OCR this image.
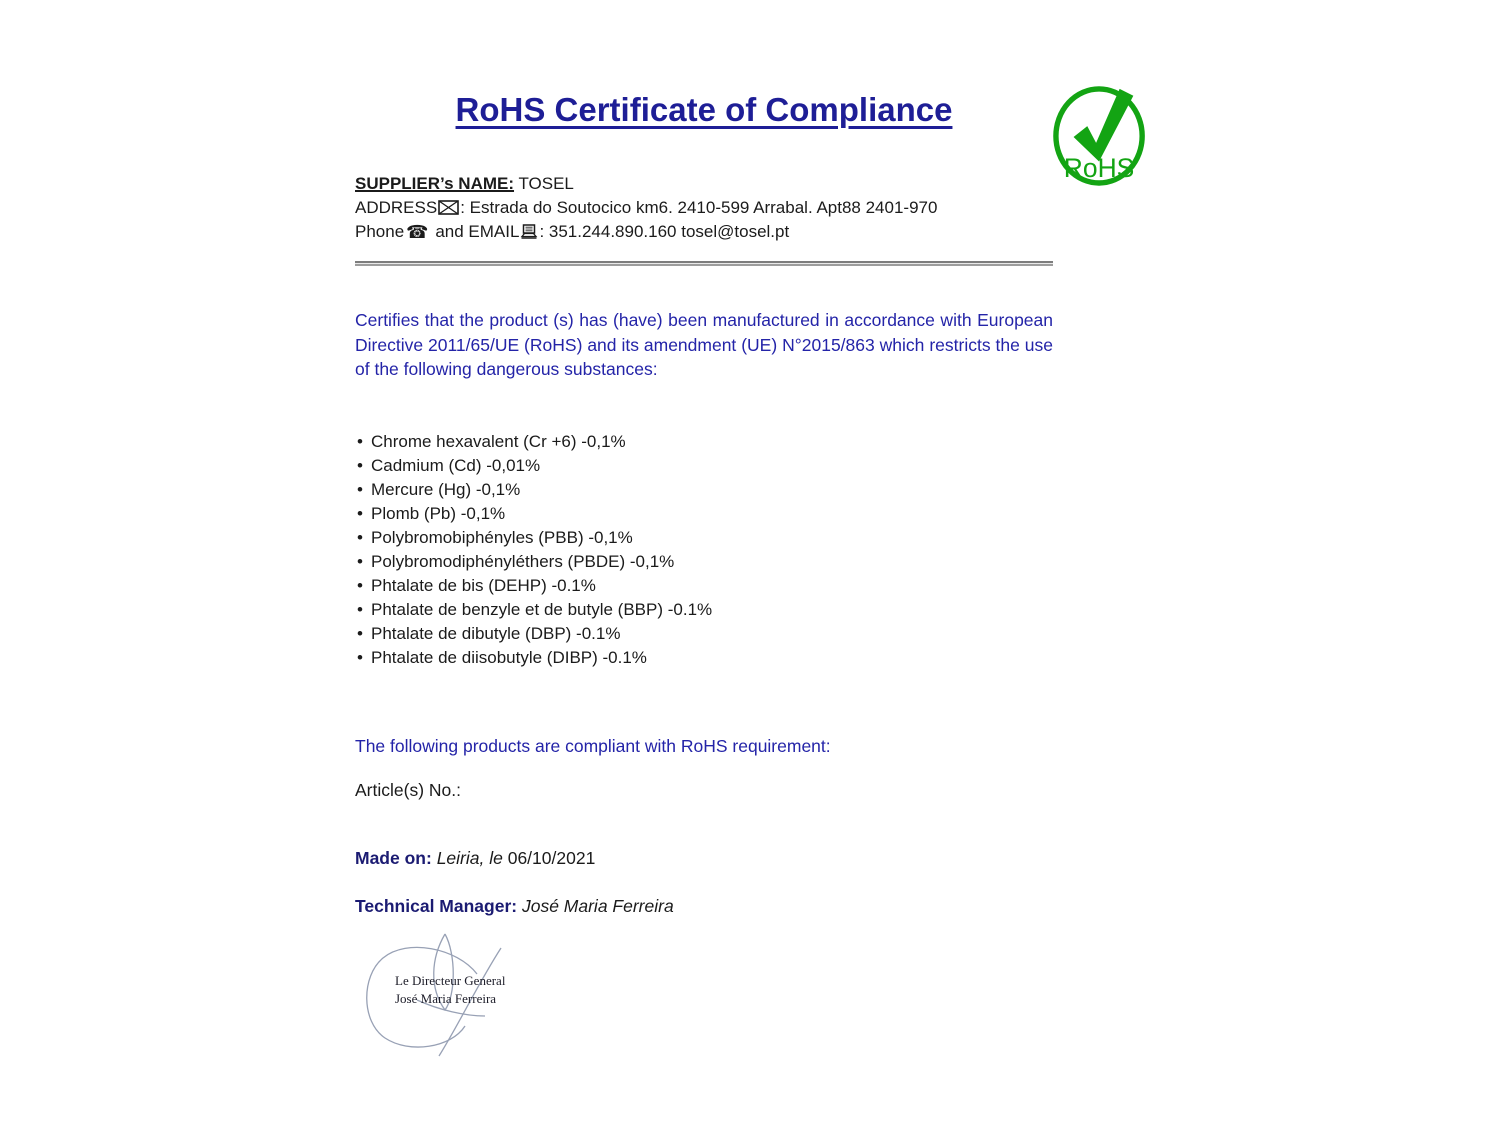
RoHS
RoHS Certificate of Compliance
SUPPLIER’s NAME: TOSEL
ADDRESS : Estrada do Soutocico km6. 2410-599 Arrabal. Apt88 2401-970
Phone ☎ and EMAIL : 351.244.890.160 tosel@tosel.pt

Certifies that the product (s) has (have) been manufactured in accordance with European Directive 2011/65/UE (RoHS) and its amendment (UE) N°2015/863 which restricts the use of the following dangerous substances:

• Chrome hexavalent (Cr +6) -0,1%
• Cadmium (Cd) -0,01%
• Mercure (Hg) -0,1%
• Plomb (Pb) -0,1%
• Polybromobiphényles (PBB) -0,1%
• Polybromodiphényléthers (PBDE) -0,1%
• Phtalate de bis (DEHP) -0.1%
• Phtalate de benzyle et de butyle (BBP) -0.1%
• Phtalate de dibutyle (DBP) -0.1%
• Phtalate de diisobutyle (DIBP) -0.1%

The following products are compliant with RoHS requirement:

Article(s) No.:

Made on: Leiria, le 06/10/2021

Technical Manager: José Maria Ferreira

Le Directeur General
José Maria Ferreira
